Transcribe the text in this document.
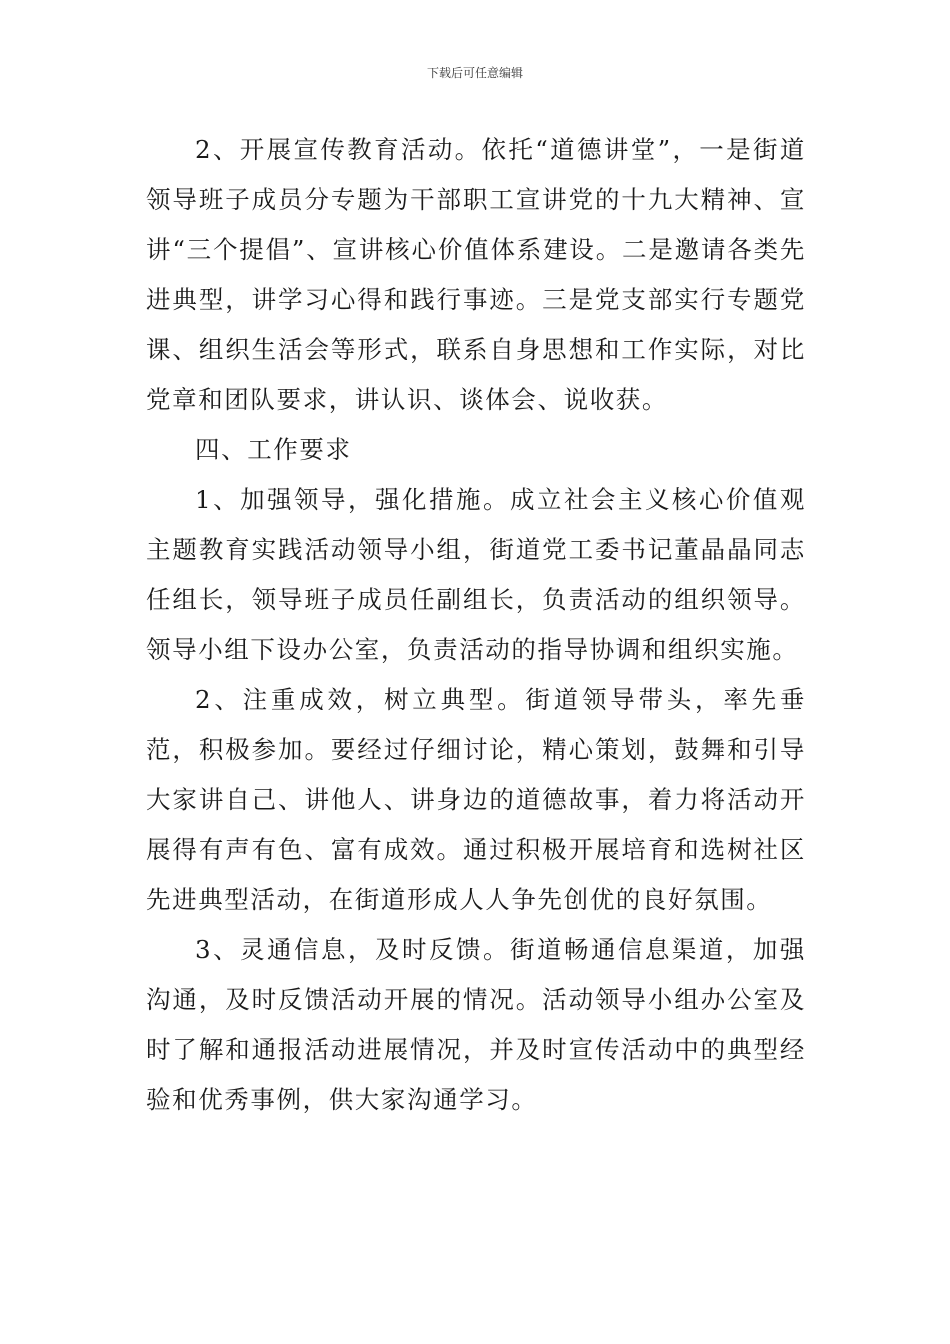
下载后可任意编辑

2、开展宣传教育活动。依托“道德讲堂”，一是街道领导班子成员分专题为干部职工宣讲党的十九大精神、宣讲“三个提倡”、宣讲核心价值体系建设。二是邀请各类先进典型，讲学习心得和践行事迹。三是党支部实行专题党课、组织生活会等形式，联系自身思想和工作实际，对比党章和团队要求，讲认识、谈体会、说收获。

四、工作要求

1、加强领导，强化措施。成立社会主义核心价值观主题教育实践活动领导小组，街道党工委书记董晶晶同志任组长，领导班子成员任副组长，负责活动的组织领导。领导小组下设办公室，负责活动的指导协调和组织实施。

2、注重成效，树立典型。街道领导带头，率先垂范，积极参加。要经过仔细讨论，精心策划，鼓舞和引导大家讲自己、讲他人、讲身边的道德故事，着力将活动开展得有声有色、富有成效。通过积极开展培育和选树社区先进典型活动，在街道形成人人争先创优的良好氛围。

3、灵通信息，及时反馈。街道畅通信息渠道，加强沟通，及时反馈活动开展的情况。活动领导小组办公室及时了解和通报活动进展情况，并及时宣传活动中的典型经验和优秀事例，供大家沟通学习。
